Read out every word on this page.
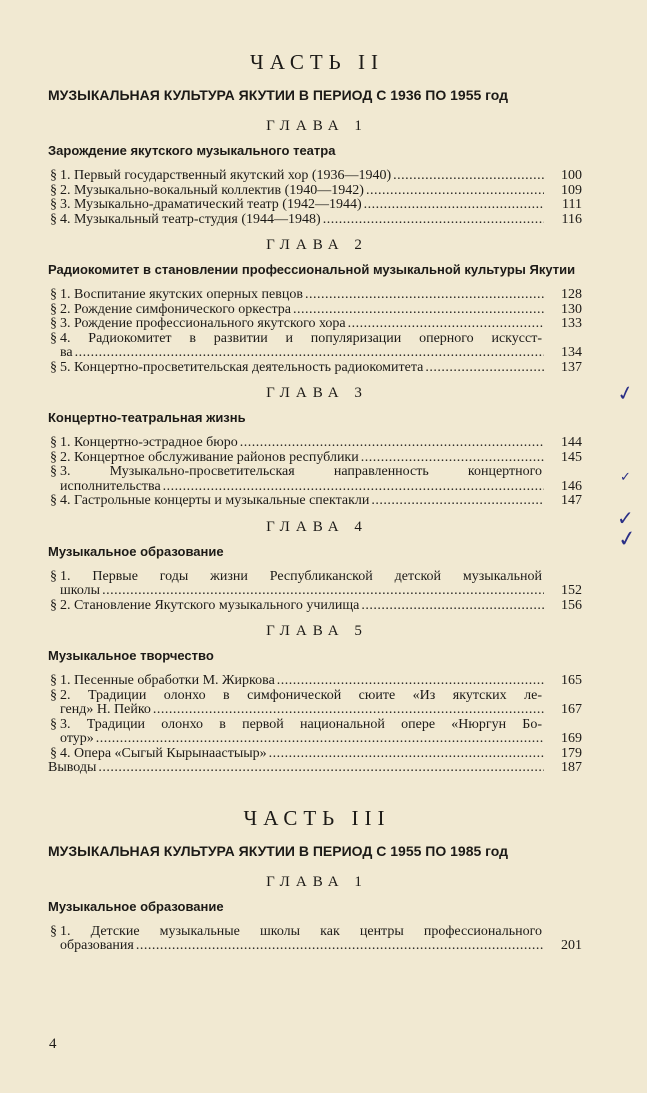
ЧАСТЬ II
МУЗЫКАЛЬНАЯ КУЛЬТУРА ЯКУТИИ В ПЕРИОД С 1936 ПО 1955 год
ГЛАВА 1
Зарождение якутского музыкального театра
§ 1. Первый государственный якутский хор (1936—1940) .....	100
§ 2. Музыкально-вокальный коллектив (1940—1942) .....	109
§ 3. Музыкально-драматический театр (1942—1944) .....	111
§ 4. Музыкальный театр-студия (1944—1948) .....	116
ГЛАВА 2
Радиокомитет в становлении профессиональной музыкальной культуры Якутии
§ 1. Воспитание якутских оперных певцов .....	128
§ 2. Рождение симфонического оркестра .....	130
§ 3. Рождение профессионального якутского хора .....	133
§ 4. Радиокомитет в развитии и популяризации оперного искусст-
ва .....	134
§ 5. Концертно-просветительская деятельность радиокомитета .....	137
ГЛАВА 3
Концертно-театральная жизнь
§ 1. Концертно-эстрадное бюро .....	144
§ 2. Концертное обслуживание районов республики .....	145
§ 3. Музыкально-просветительская направленность концертного
исполнительства .....	146
§ 4. Гастрольные концерты и музыкальные спектакли .....	147
ГЛАВА 4
Музыкальное образование
§ 1. Первые годы жизни Республиканской детской музыкальной
школы .....	152
§ 2. Становление Якутского музыкального училища .....	156
ГЛАВА 5
Музыкальное творчество
§ 1. Песенные обработки М. Жиркова .....	165
§ 2. Традиции олонхо в симфонической сюите «Из якутских ле-
генд» Н. Пейко .....	167
§ 3. Традиции олонхо в первой национальной опере «Нюргун Бо-
отур» .....	169
§ 4. Опера «Сыгый Кырынаастыыр» .....	179
Выводы .....	187
ЧАСТЬ III
МУЗЫКАЛЬНАЯ КУЛЬТУРА ЯКУТИИ В ПЕРИОД С 1955 ПО 1985 год
ГЛАВА 1
Музыкальное образование
§ 1. Детские музыкальные школы как центры профессионального
образования .....	201
✓
✓
✓
✓
4
